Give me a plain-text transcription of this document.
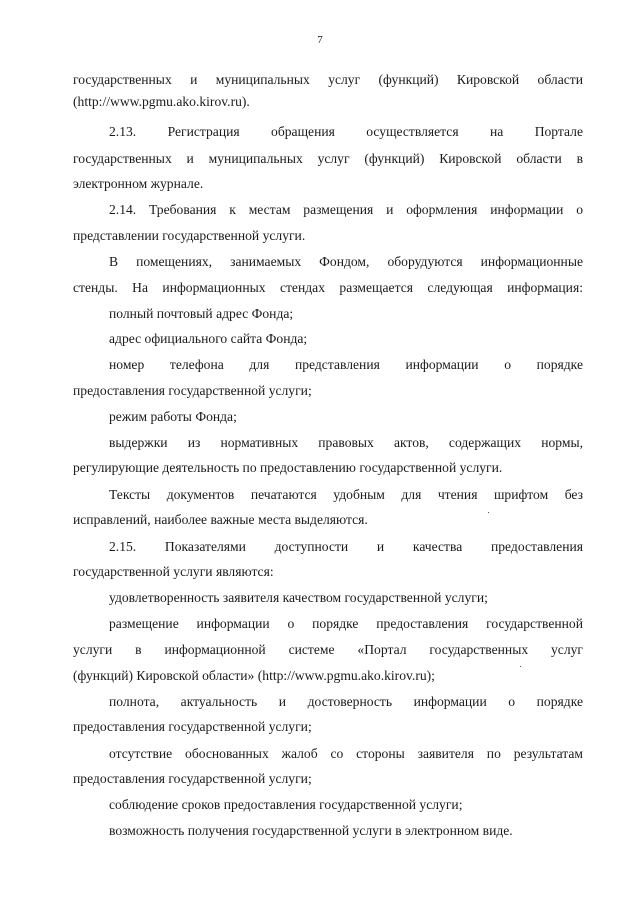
7
государственных и муниципальных услуг (функций) Кировской области
(http://www.pgmu.ako.kirov.ru).
2.13. Регистрация обращения осуществляется на Портале
государственных и муниципальных услуг (функций) Кировской области в
электронном журнале.
2.14. Требования к местам размещения и оформления информации о
представлении государственной услуги.
В помещениях, занимаемых Фондом, оборудуются информационные
стенды. На информационных стендах размещается следующая информация:
полный почтовый адрес Фонда;
адрес официального сайта Фонда;
номер телефона для представления информации о порядке
предоставления государственной услуги;
режим работы Фонда;
выдержки из нормативных правовых актов, содержащих нормы,
регулирующие деятельность по предоставлению государственной услуги.
Тексты документов печатаются удобным для чтения шрифтом без
исправлений, наиболее важные места выделяются.
2.15. Показателями доступности и качества предоставления
государственной услуги являются:
удовлетворенность заявителя качеством государственной услуги;
размещение информации о порядке предоставления государственной
услуги в информационной системе «Портал государственных услуг
(функций) Кировской области» (http://www.pgmu.ako.kirov.ru);
полнота, актуальность и достоверность информации о порядке
предоставления государственной услуги;
отсутствие обоснованных жалоб со стороны заявителя по результатам
предоставления государственной услуги;
соблюдение сроков предоставления государственной услуги;
возможность получения государственной услуги в электронном виде.
